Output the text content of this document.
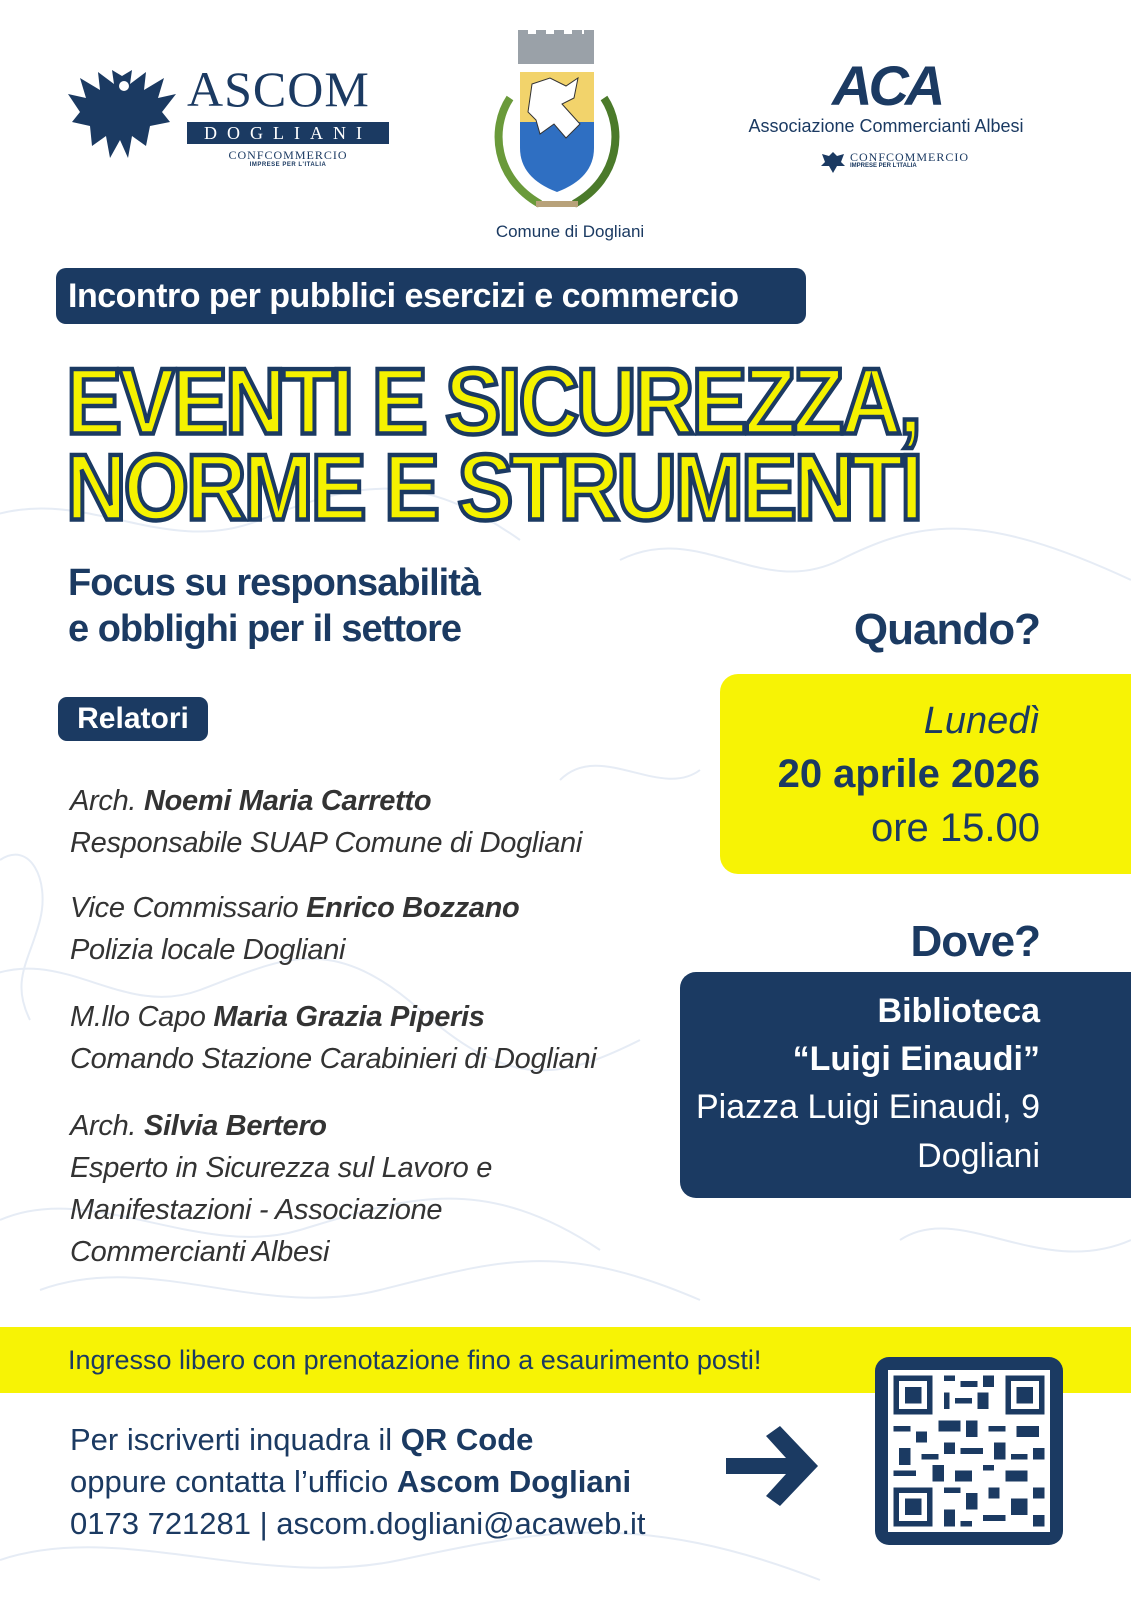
ASCOM
DOGLIANI
CONFCOMMERCIO
IMPRESE PER L'ITALIA
Comune di Dogliani
ACA
Associazione Commercianti Albesi
CONFCOMMERCIO
IMPRESE PER L'ITALIA
Incontro per pubblici esercizi e commercio
EVENTI E SICUREZZA,
NORME E STRUMENTI
Focus su responsabilità
e obblighi per il settore
Relatori
Arch. Noemi Maria Carretto
Responsabile SUAP Comune di Dogliani
Vice Commissario Enrico Bozzano
Polizia locale Dogliani
M.llo Capo Maria Grazia Piperis
Comando Stazione Carabinieri di Dogliani
Arch. Silvia Bertero
Esperto in Sicurezza sul Lavoro e
Manifestazioni - Associazione
Commercianti Albesi
Quando?
Lunedì
20 aprile 2026
ore 15.00
Dove?
Biblioteca
“Luigi Einaudi”
Piazza Luigi Einaudi, 9
Dogliani
Ingresso libero con prenotazione fino a esaurimento posti!
Per iscriverti inquadra il QR Code
oppure contatta l’ufficio Ascom Dogliani
0173 721281 | ascom.dogliani@acaweb.it
